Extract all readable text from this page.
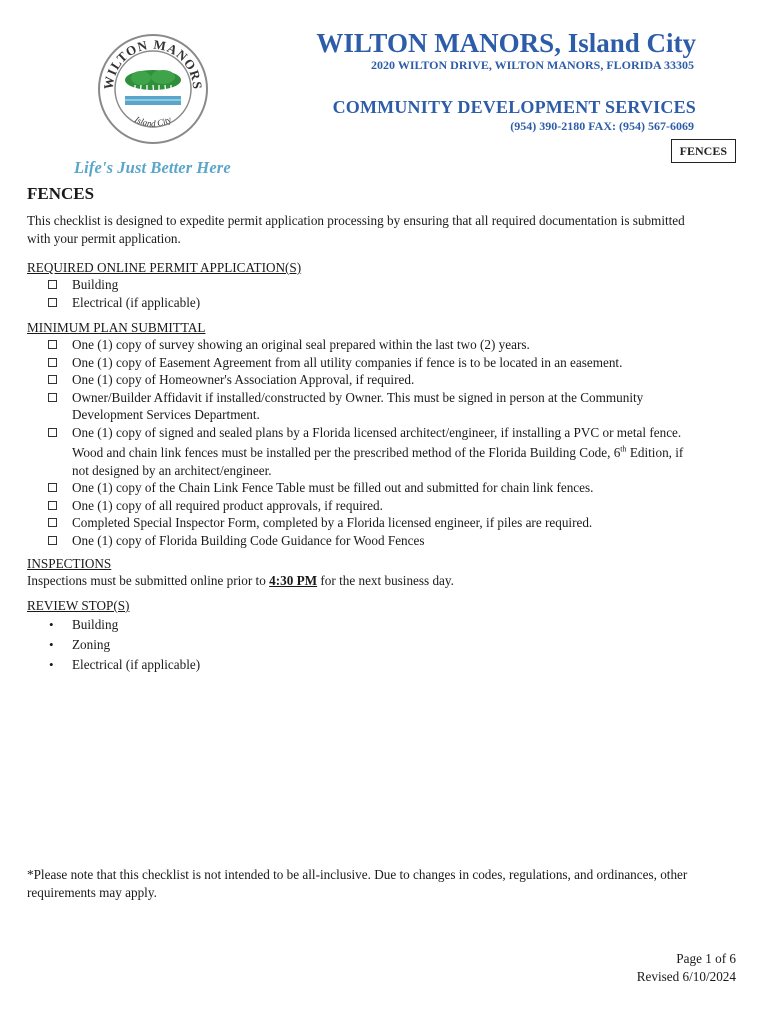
WILTON MANORS
Island City
Life's Just Better Here
WILTON MANORS, Island City
2020 WILTON DRIVE, WILTON MANORS, FLORIDA 33305
COMMUNITY DEVELOPMENT SERVICES
(954) 390-2180 FAX: (954) 567-6069
FENCES
FENCES
This checklist is designed to expedite permit application processing by ensuring that all required documentation is submitted with your permit application.
REQUIRED ONLINE PERMIT APPLICATION(S)
Building
Electrical (if applicable)
MINIMUM PLAN SUBMITTAL
One (1) copy of survey showing an original seal prepared within the last two (2) years.
One (1) copy of Easement Agreement from all utility companies if fence is to be located in an easement.
One (1) copy of Homeowner's Association Approval, if required.
Owner/Builder Affidavit if installed/constructed by Owner. This must be signed in person at the Community Development Services Department.
One (1) copy of signed and sealed plans by a Florida licensed architect/engineer, if installing a PVC or metal fence. Wood and chain link fences must be installed per the prescribed method of the Florida Building Code, 6th Edition, if not designed by an architect/engineer.
One (1) copy of the Chain Link Fence Table must be filled out and submitted for chain link fences.
One (1) copy of all required product approvals, if required.
Completed Special Inspector Form, completed by a Florida licensed engineer, if piles are required.
One (1) copy of Florida Building Code Guidance for Wood Fences
INSPECTIONS
Inspections must be submitted online prior to 4:30 PM for the next business day.
REVIEW STOP(S)
• Building
• Zoning
• Electrical (if applicable)
*Please note that this checklist is not intended to be all-inclusive. Due to changes in codes, regulations, and ordinances, other requirements may apply.
Page 1 of 6
Revised 6/10/2024
